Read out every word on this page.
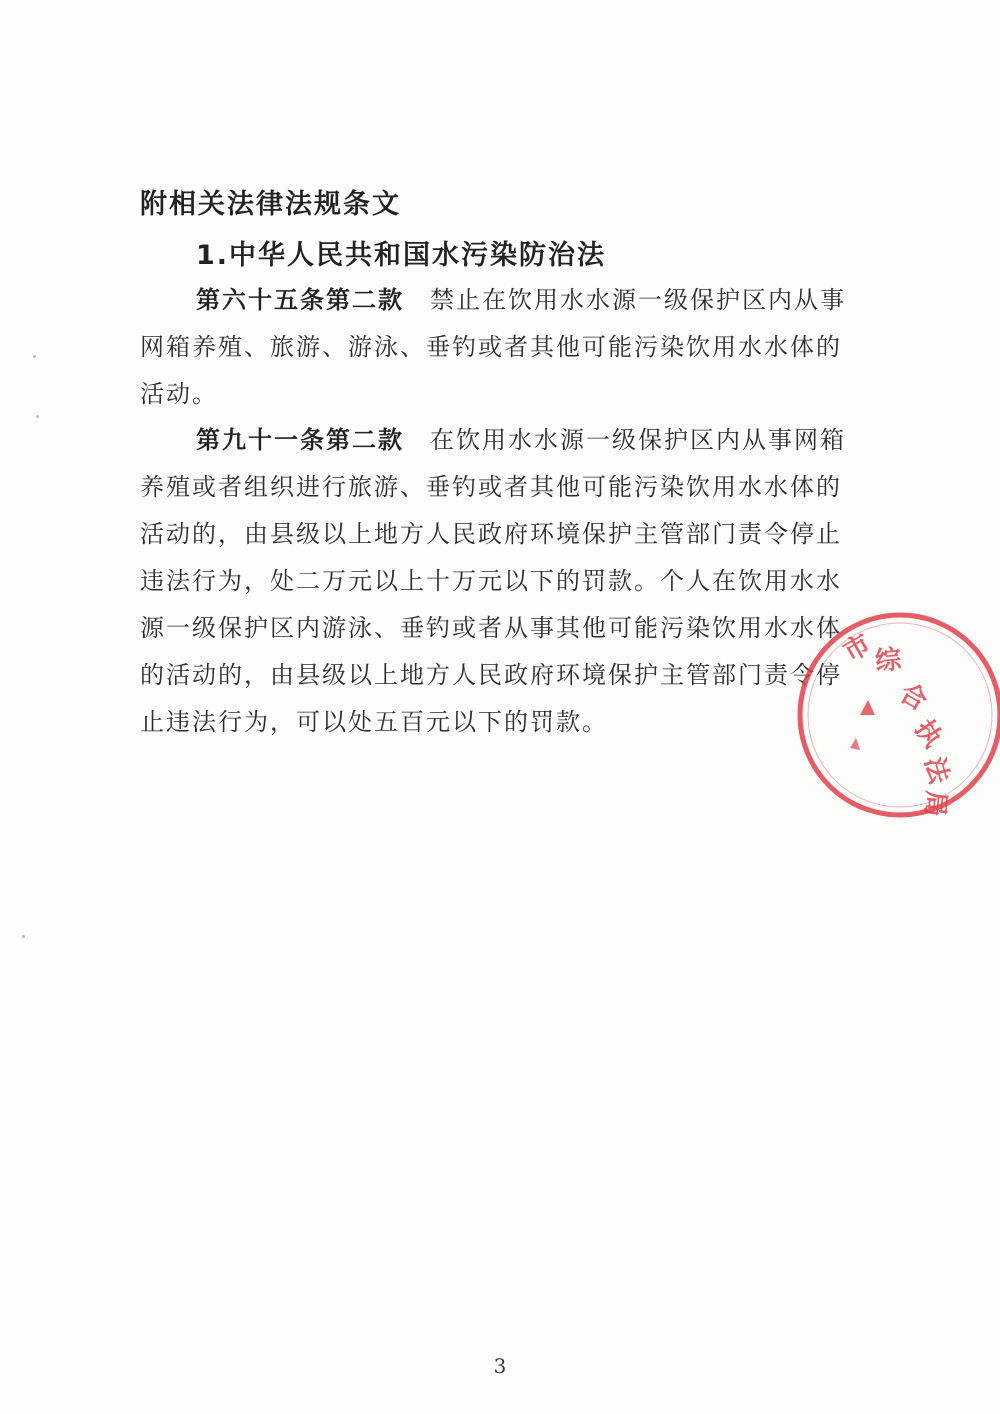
附相关法律法规条文
1.中华人民共和国水污染防治法

第六十五条第二款　 禁止在饮用水水源一级保护区内从事网箱养殖、旅游、游泳、垂钓或者其他可能污染饮用水水体的活动。

第九十一条第二款　 在饮用水水源一级保护区内从事网箱养殖或者组织进行旅游、垂钓或者其他可能污染饮用水水体的活动的，由县级以上地方人民政府环境保护主管部门责令停止违法行为，处二万元以上十万元以下的罚款。个人在饮用水水源一级保护区内游泳、垂钓或者从事其他可能污染饮用水水体的活动的，由县级以上地方人民政府环境保护主管部门责令停止违法行为，可以处五百元以下的罚款。

市
综
合
执
法
局
3
